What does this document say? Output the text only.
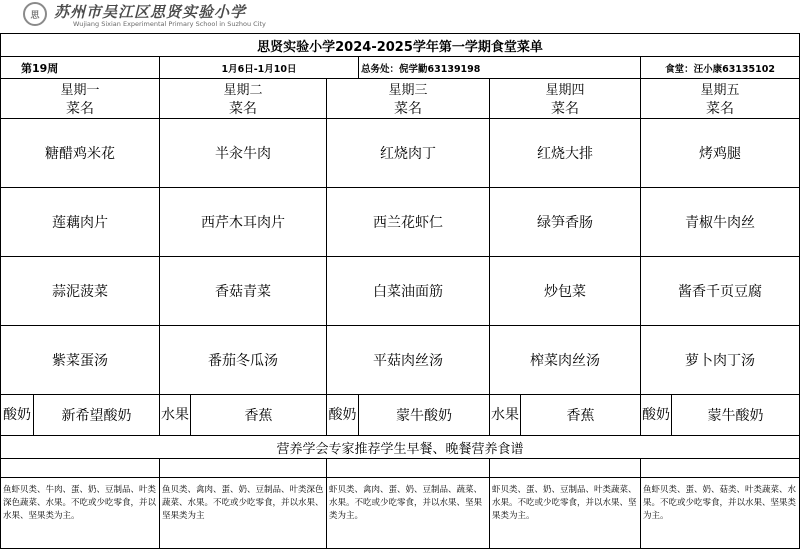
思 苏州市吴江区思贤实验小学
Wujiang Sixian Experimental Primary School in Suzhou City
思贤实验小学2024-2025学年第一学期食堂菜单									
第19周		1月6日-1月10日			总务处：倪学勤63139198			食堂：汪小康63135102	
星期一		星期二		星期三		星期四		星期五	
菜名		菜名		菜名		菜名		菜名	
糖醋鸡米花		半汆牛肉		红烧肉丁		红烧大排		烤鸡腿	
莲藕肉片		西芹木耳肉片		西兰花虾仁		绿笋香肠		青椒牛肉丝	
蒜泥菠菜		香菇青菜		白菜油面筋		炒包菜		酱香千页豆腐	
紫菜蛋汤		番茄冬瓜汤		平菇肉丝汤		榨菜肉丝汤		萝卜肉丁汤	
酸奶	新希望酸奶	水果	香蕉	酸奶	蒙牛酸奶	水果	香蕉	酸奶	蒙牛酸奶
营养学会专家推荐学生早餐、晚餐营养食谱									

鱼虾贝类、牛肉、蛋、奶、豆制品、叶类深色蔬菜、水果。不吃或少吃零食，并以水果、坚果类为主。		鱼贝类、禽肉、蛋、奶、豆制品、叶类深色蔬菜、水果。不吃或少吃零食，并以水果、坚果类为主		虾贝类、禽肉、蛋、奶、豆制品、蔬菜、水果。不吃或少吃零食，并以水果、坚果类为主。		虾贝类、蛋、奶、豆制品、叶类蔬菜、水果。不吃或少吃零食，并以水果、坚果类为主。		鱼虾贝类、蛋、奶、菇类、叶类蔬菜、水果。不吃或少吃零食，并以水果、坚果类为主。	
